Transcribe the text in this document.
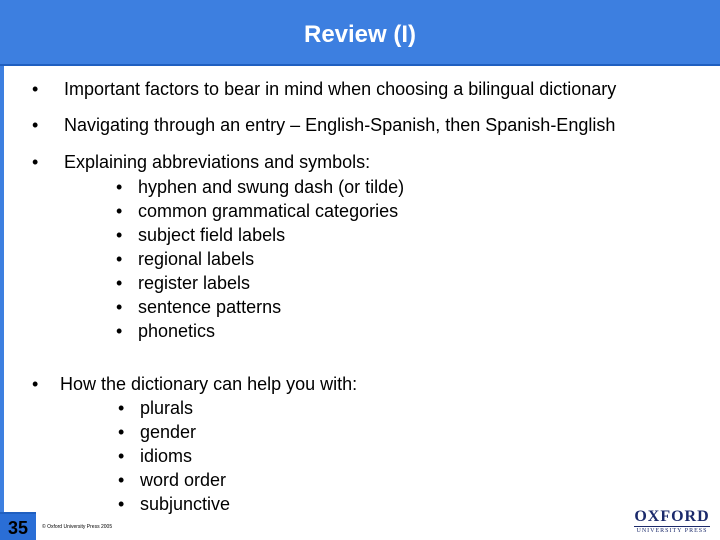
Review (I)
• Important factors to bear in mind when choosing a bilingual dictionary
• Navigating through an entry – English-Spanish, then Spanish-English
• Explaining abbreviations and symbols:
• hyphen and swung dash (or tilde)
• common grammatical categories
• subject field labels
• regional labels
• register labels
• sentence patterns
• phonetics
• How the dictionary can help you with:
• plurals
• gender
• idioms
• word order
• subjunctive
35	© Oxford University Press 2005
OXFORD
UNIVERSITY PRESS
